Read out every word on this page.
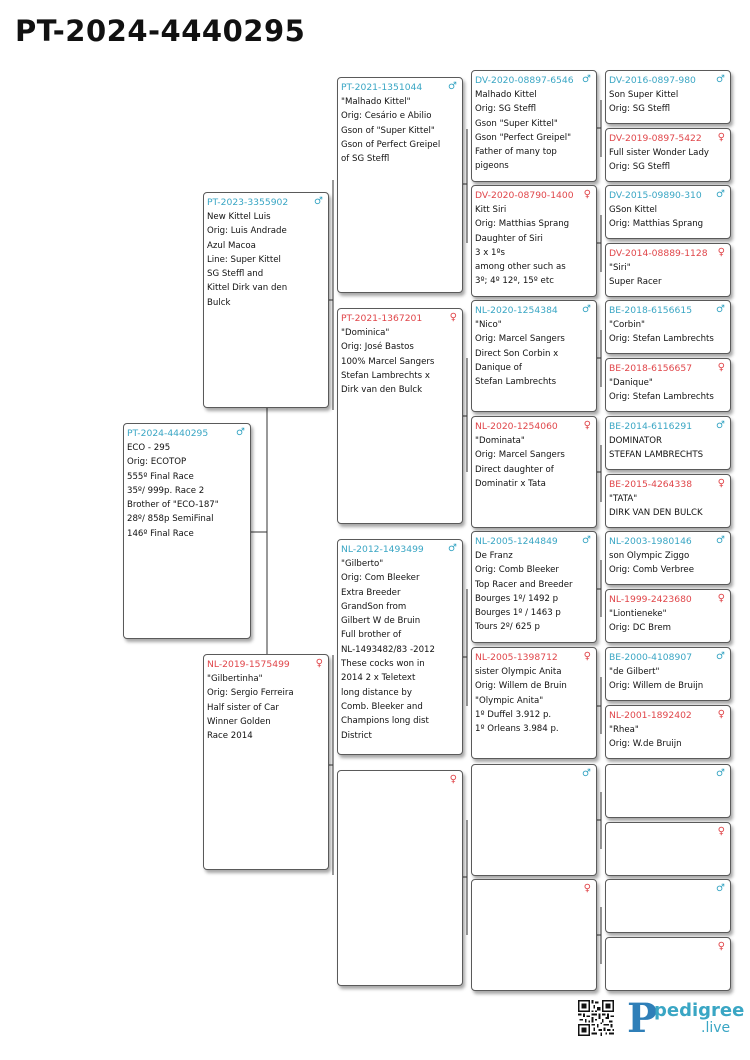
PT-2024-4440295
PT-2024-4440295	♂
ECO - 295
Orig: ECOTOP
555º Final Race
35º/ 999p. Race 2
Brother of "ECO-187"
28º/ 858p SemiFinal
146º Final Race
PT-2023-3355902	♂
New Kittel Luis
Orig: Luis Andrade
Azul Macoa
Line: Super Kittel
SG Steffl and
Kittel Dirk van den
Bulck
NL-2019-1575499	♀
"Gilbertinha"
Orig: Sergio Ferreira
Half sister of Car
Winner Golden
Race 2014
PT-2021-1351044	♂
"Malhado Kittel"
Orig: Cesário e Abilio
Gson of "Super Kittel"
Gson of Perfect Greipel
of SG Steffl
PT-2021-1367201	♀
"Dominica"
Orig: José Bastos
100% Marcel Sangers
Stefan Lambrechts x
Dirk van den Bulck
NL-2012-1493499 ♂
"Gilberto"
Orig: Com Bleeker
Extra Breeder
GrandSon from
Gilbert W de Bruin
Full brother of
NL-1493482/83 -2012
These cocks won in
2014 2 x Teletext
long distance by
Comb. Bleeker and
Champions long dist
District
♀
DV-2020-08897-6546 ♂
Malhado Kittel
Orig: SG Steffl
Gson "Super Kittel"
Gson "Perfect Greipel"
Father of many top
pigeons
DV-2020-08790-1400 ♀
Kitt Siri
Orig: Matthias Sprang
Daughter of Siri
3 x 1ºs
among other such as
3º; 4º 12º, 15º etc
NL-2020-1254384 ♂
"Nico"
Orig: Marcel Sangers
Direct Son Corbin x
Danique of
Stefan Lambrechts
NL-2020-1254060	♀
"Dominata"
Orig: Marcel Sangers
Direct daughter of
Dominatir x Tata
NL-2005-1244849 ♂
De Franz
Orig: Comb Bleeker
Top Racer and Breeder
Bourges 1º/ 1492 p
Bourges 1º / 1463 p
Tours 2º/ 625 p
NL-2005-1398712	♀
sister Olympic Anita
Orig: Willem de Bruin
"Olympic Anita"
1º Duffel 3.912 p.
1º Orleans 3.984 p.
♂
♀
DV-2016-0897-980 ♂
Son Super Kittel
Orig: SG Steffl
DV-2019-0897-5422 ♀
Full sister Wonder Lady
Orig: SG Steffl
DV-2015-09890-310 ♂
GSon Kittel
Orig: Matthias Sprang
DV-2014-08889-1128 ♀
"Siri"
Super Racer
BE-2018-6156615 ♂
"Corbin"
Orig: Stefan Lambrechts
BE-2018-6156657	♀
"Danique"
Orig: Stefan Lambrechts
BE-2014-6116291 ♂
DOMINATOR
STEFAN LAMBRECHTS
BE-2015-4264338	♀
"TATA"
DIRK VAN DEN BULCK
NL-2003-1980146 ♂
son Olympic Ziggo
Orig: Comb Verbree
NL-1999-2423680	♀
"Liontieneke"
Orig: DC Brem
BE-2000-4108907 ♂
"de Gilbert"
Orig: Willem de Bruijn
NL-2001-1892402	♀
"Rhea"
Orig: W.de Bruijn
♂
♀
♂
♀
P
pedigree
.live
